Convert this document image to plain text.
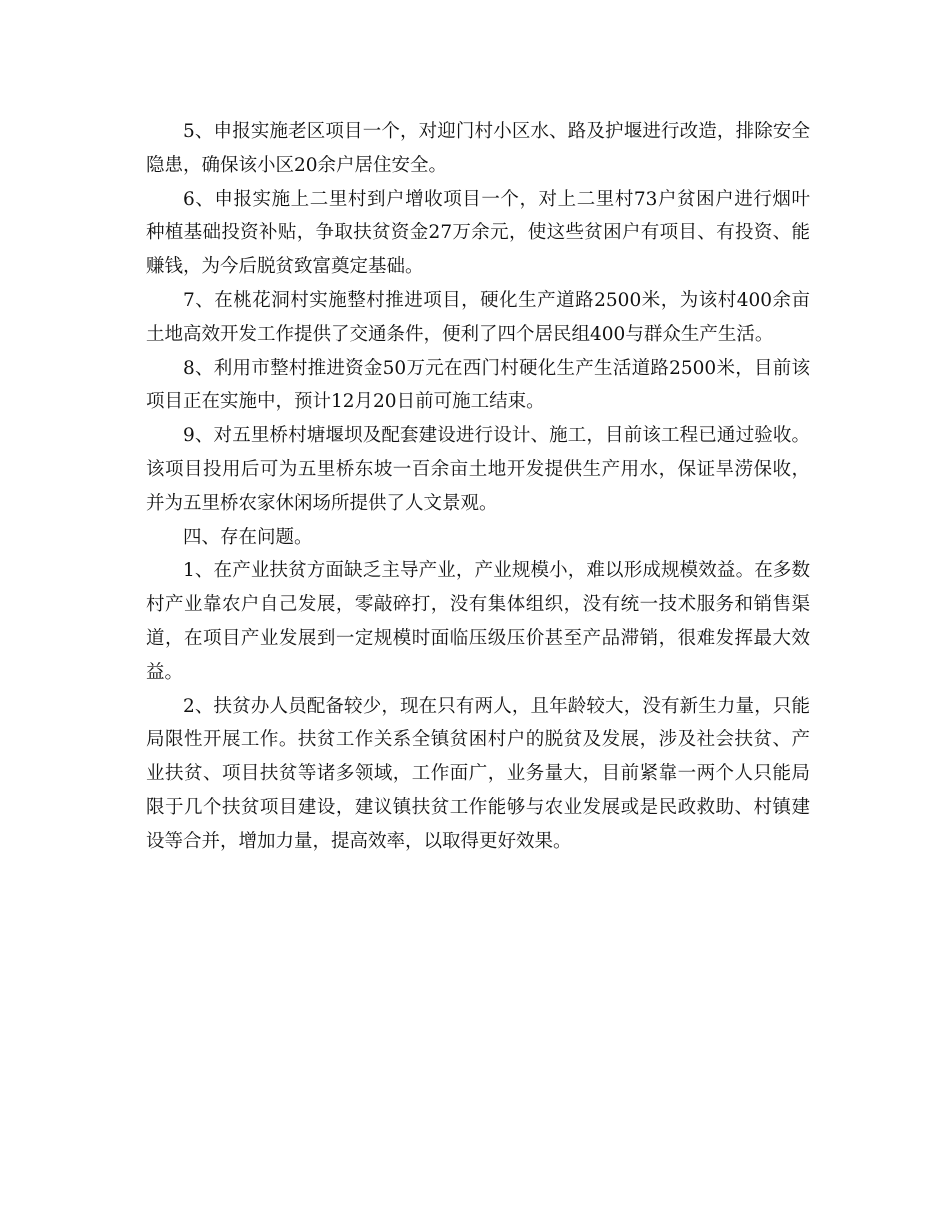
5、申报实施老区项目一个，对迎门村小区水、路及护堰进行改造，排除安全隐患，确保该小区20余户居住安全。

6、申报实施上二里村到户增收项目一个，对上二里村73户贫困户进行烟叶种植基础投资补贴，争取扶贫资金27万余元，使这些贫困户有项目、有投资、能赚钱，为今后脱贫致富奠定基础。

7、在桃花洞村实施整村推进项目，硬化生产道路2500米，为该村400余亩土地高效开发工作提供了交通条件，便利了四个居民组400与群众生产生活。

8、利用市整村推进资金50万元在西门村硬化生产生活道路2500米，目前该项目正在实施中，预计12月20日前可施工结束。

9、对五里桥村塘堰坝及配套建设进行设计、施工，目前该工程已通过验收。该项目投用后可为五里桥东坡一百余亩土地开发提供生产用水，保证旱涝保收，并为五里桥农家休闲场所提供了人文景观。

四、存在问题。

1、在产业扶贫方面缺乏主导产业，产业规模小，难以形成规模效益。在多数村产业靠农户自己发展，零敲碎打，没有集体组织，没有统一技术服务和销售渠道，在项目产业发展到一定规模时面临压级压价甚至产品滞销，很难发挥最大效益。

2、扶贫办人员配备较少，现在只有两人，且年龄较大，没有新生力量，只能局限性开展工作。扶贫工作关系全镇贫困村户的脱贫及发展，涉及社会扶贫、产业扶贫、项目扶贫等诸多领域，工作面广，业务量大，目前紧靠一两个人只能局限于几个扶贫项目建设，建议镇扶贫工作能够与农业发展或是民政救助、村镇建设等合并，增加力量，提高效率，以取得更好效果。
